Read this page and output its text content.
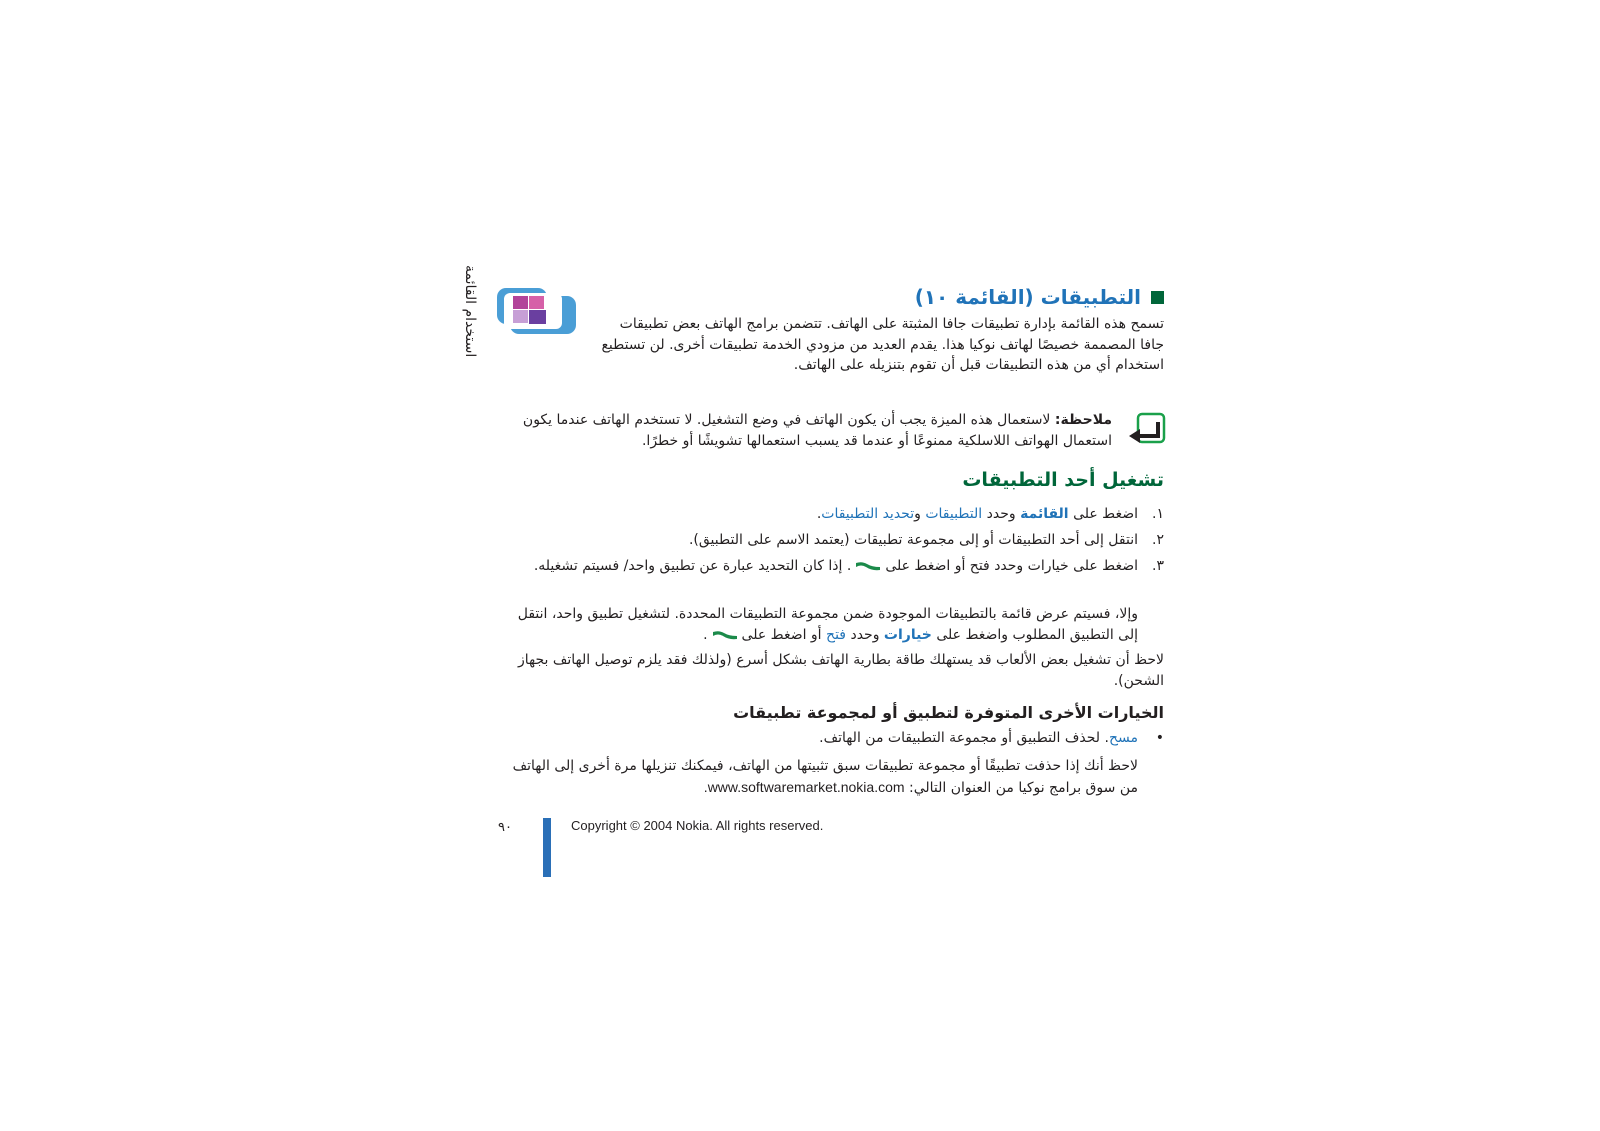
استخدام القائمة	التطبيقات (القائمة ١٠)
تسمح هذه القائمة بإدارة تطبيقات جافا المثبتة على الهاتف. تتضمن برامج الهاتف بعض تطبيقات جافا المصممة خصيصًا لهاتف نوكيا هذا. يقدم العديد من مزودي الخدمة تطبيقات أخرى. لن تستطيع استخدام أي من هذه التطبيقات قبل أن تقوم بتنزيله على الهاتف.
ملاحظة: لاستعمال هذه الميزة يجب أن يكون الهاتف في وضع التشغيل. لا تستخدم الهاتف عندما يكون استعمال الهواتف اللاسلكية ممنوعًا أو عندما قد يسبب استعمالها تشويشًا أو خطرًا.
تشغيل أحد التطبيقات
١.
اضغط على القائمة وحدد التطبيقات وتحديد التطبيقات.
٢.
انتقل إلى أحد التطبيقات أو إلى مجموعة تطبيقات (يعتمد الاسم على التطبيق).
٣.
اضغط على خيارات وحدد فتح أو اضغط على. إذا كان التحديد عبارة عن تطبيق واحد/ فسيتم تشغيله.
وإلا، فسيتم عرض قائمة بالتطبيقات الموجودة ضمن مجموعة التطبيقات المحددة. لتشغيل تطبيق واحد، انتقل إلى التطبيق المطلوب واضغط على خيارات وحدد فتح أو اضغط على.
لاحظ أن تشغيل بعض الألعاب قد يستهلك طاقة بطارية الهاتف بشكل أسرع (ولذلك فقد يلزم توصيل الهاتف بجهاز الشحن).
الخيارات الأخرى المتوفرة لتطبيق أو لمجموعة تطبيقات
•
مسح. لحذف التطبيق أو مجموعة التطبيقات من الهاتف.
لاحظ أنك إذا حذفت تطبيقًا أو مجموعة تطبيقات سبق تثبيتها من الهاتف، فيمكنك تنزيلها مرة أخرى إلى الهاتف من سوق برامج نوكيا من العنوان التالي: www.softwaremarket.nokia.com.
٩٠	Copyright © 2004 Nokia. All rights reserved.
